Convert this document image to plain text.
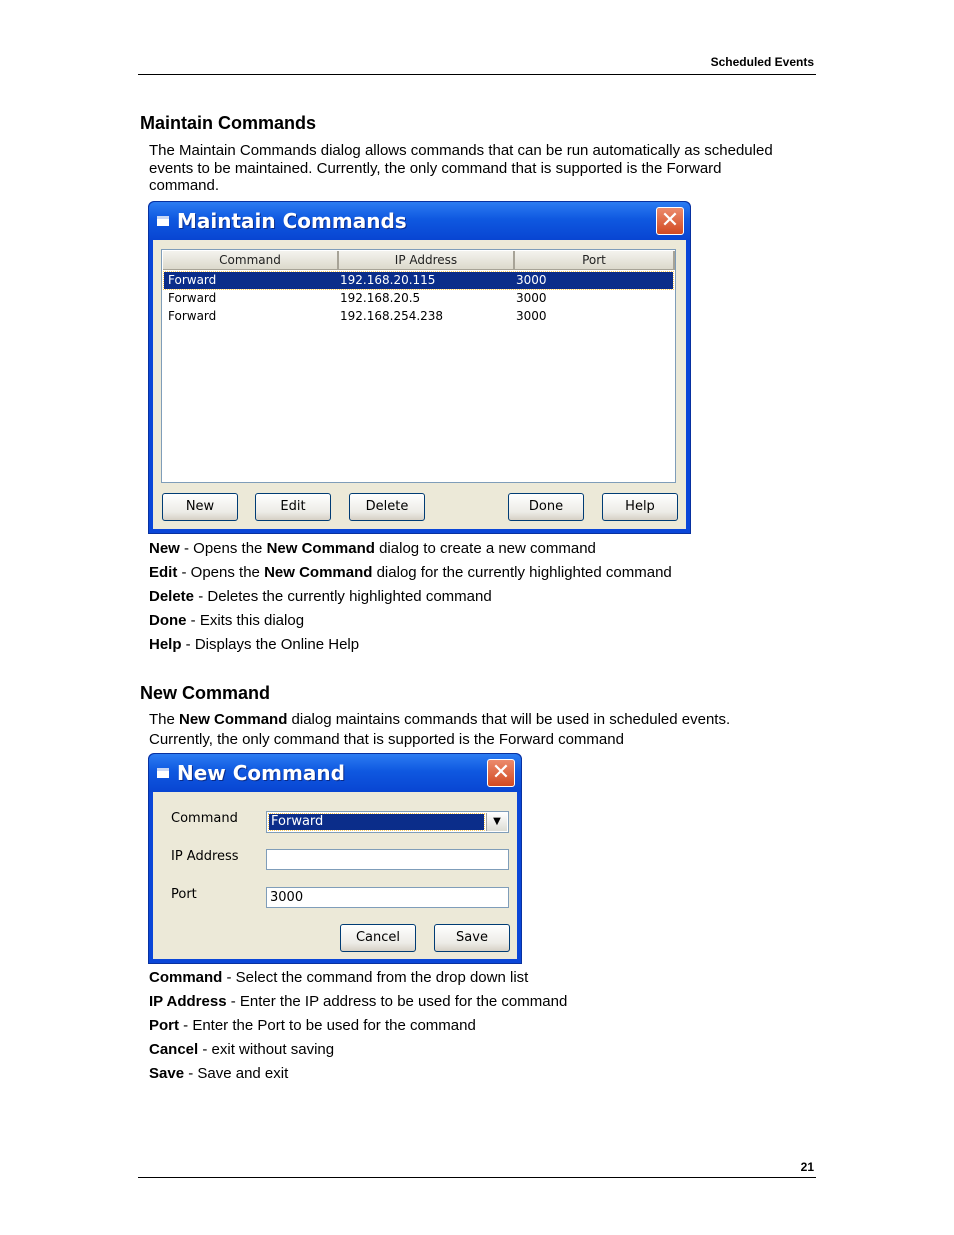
Scheduled Events
Maintain Commands
The Maintain Commands dialog allows commands that can be run automatically as scheduled
events to be maintained. Currently, the only command that is supported is the Forward
command.
Maintain Commands	✕
Command	IP Address	Port
Forward	192.168.20.115	3000
Forward	192.168.20.5	3000
Forward	192.168.254.238	3000
New	Edit	Delete	Done	Help
New - Opens the New Command dialog to create a new command
Edit - Opens the New Command dialog for the currently highlighted command
Delete - Deletes the currently highlighted command
Done - Exits this dialog
Help - Displays the Online Help
New Command
The New Command dialog maintains commands that will be used in scheduled events.
Currently, the only command that is supported is the Forward command
New Command	✕
Command	Forward	▼
IP Address
Port	3000
Cancel	Save
Command - Select the command from the drop down list
IP Address - Enter the IP address to be used for the command
Port - Enter the Port to be used for the command
Cancel - exit without saving
Save - Save and exit
21
